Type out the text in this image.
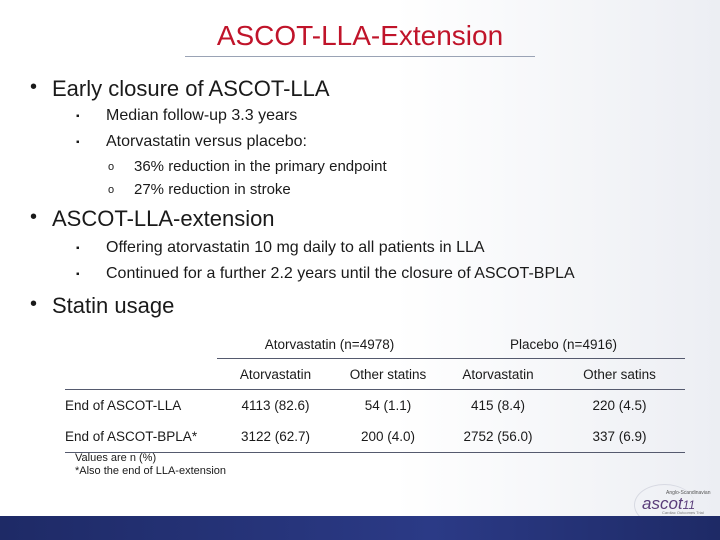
ASCOT-LLA-Extension
• Early closure of ASCOT-LLA
▪ Median follow-up 3.3 years
▪ Atorvastatin versus placebo:
o 36% reduction in the primary endpoint
o 27% reduction in stroke
• ASCOT-LLA-extension
▪ Offering atorvastatin 10 mg daily to all patients in LLA
▪ Continued for a further 2.2 years until the closure of ASCOT-BPLA
• Statin usage
	Atorvastatin (n=4978)		Placebo (n=4916)	
	Atorvastatin	Other statins	Atorvastatin	Other satins
End of ASCOT-LLA	4113 (82.6)	54 (1.1)	415 (8.4)	220 (4.5)
End of ASCOT-BPLA*	3122 (62.7)	200 (4.0)	2752 (56.0)	337 (6.9)
Values are n (%)
*Also the end of LLA-extension
Anglo-Scandinavian
ascot11
Cardiac Outcomes Trial
